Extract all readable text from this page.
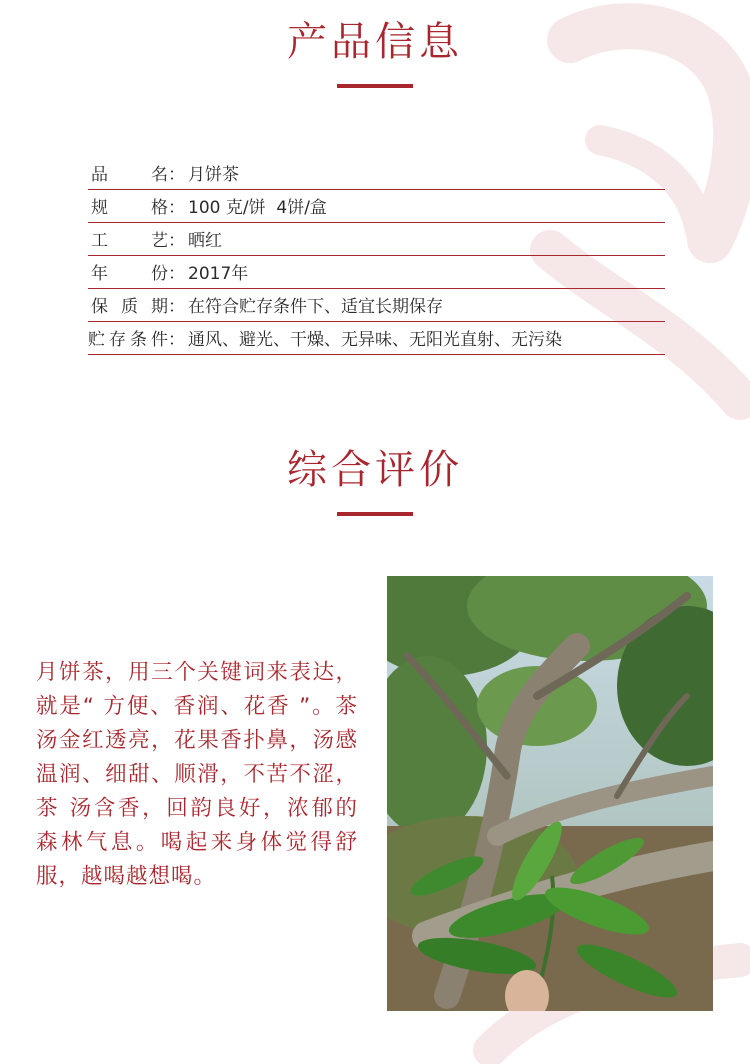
产品信息
品	名 ： 月饼茶
规	格 ： 100 克/饼  4饼/盒
工	艺 ： 晒红
年	份 ： 2017年
保 质 期 ： 在符合贮存条件下、适宜长期保存
贮 存 条 件 ： 通风、避光、干燥、无异味、无阳光直射、无污染
综合评价
月饼茶，用三个关键词来表达，就是“ 方便、香润、花香 ”。茶汤金红透亮，花果香扑鼻，汤感温润、细甜、顺滑，不苦不涩，茶 汤含香，回韵良好，浓郁的森林气息。喝起来身体觉得舒服，越喝越想喝。
